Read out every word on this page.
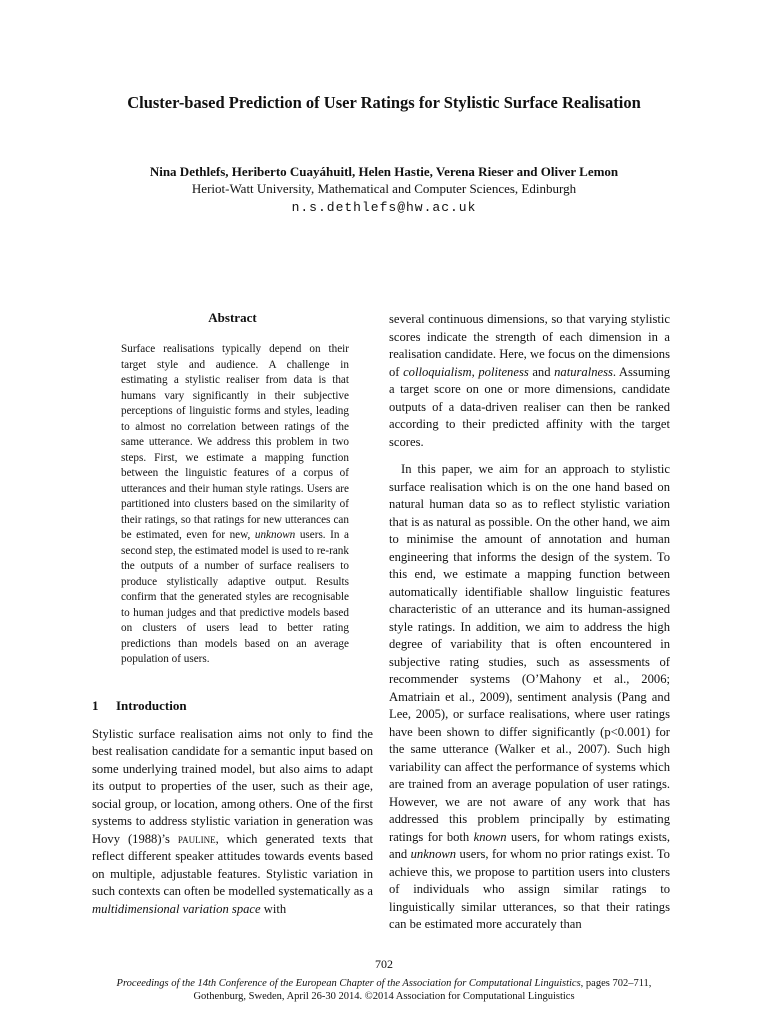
Cluster-based Prediction of User Ratings for Stylistic Surface Realisation
Nina Dethlefs, Heriberto Cuayáhuitl, Helen Hastie, Verena Rieser and Oliver Lemon
Heriot-Watt University, Mathematical and Computer Sciences, Edinburgh
n.s.dethlefs@hw.ac.uk
Abstract

Surface realisations typically depend on their target style and audience. A challenge in estimating a stylistic realiser from data is that humans vary significantly in their subjective perceptions of linguistic forms and styles, leading to almost no correlation between ratings of the same utterance. We address this problem in two steps. First, we estimate a mapping function between the linguistic features of a corpus of utterances and their human style ratings. Users are partitioned into clusters based on the similarity of their ratings, so that ratings for new utterances can be estimated, even for new, unknown users. In a second step, the estimated model is used to re-rank the outputs of a number of surface realisers to produce stylistically adaptive output. Results confirm that the generated styles are recognisable to human judges and that predictive models based on clusters of users lead to better rating predictions than models based on an average population of users.

1 Introduction

Stylistic surface realisation aims not only to find the best realisation candidate for a semantic input based on some underlying trained model, but also aims to adapt its output to properties of the user, such as their age, social group, or location, among others. One of the first systems to address stylistic variation in generation was Hovy (1988)’s pauline, which generated texts that reflect different speaker attitudes towards events based on multiple, adjustable features. Stylistic variation in such contexts can often be modelled systematically as a multidimensional variation space with

several continuous dimensions, so that varying stylistic scores indicate the strength of each dimension in a realisation candidate. Here, we focus on the dimensions of colloquialism, politeness and naturalness. Assuming a target score on one or more dimensions, candidate outputs of a data-driven realiser can then be ranked according to their predicted affinity with the target scores.

In this paper, we aim for an approach to stylistic surface realisation which is on the one hand based on natural human data so as to reflect stylistic variation that is as natural as possible. On the other hand, we aim to minimise the amount of annotation and human engineering that informs the design of the system. To this end, we estimate a mapping function between automatically identifiable shallow linguistic features characteristic of an utterance and its human-assigned style ratings. In addition, we aim to address the high degree of variability that is often encountered in subjective rating studies, such as assessments of recommender systems (O’Mahony et al., 2006; Amatriain et al., 2009), sentiment analysis (Pang and Lee, 2005), or surface realisations, where user ratings have been shown to differ significantly (p<0.001) for the same utterance (Walker et al., 2007). Such high variability can affect the performance of systems which are trained from an average population of user ratings. However, we are not aware of any work that has addressed this problem principally by estimating ratings for both known users, for whom ratings exists, and unknown users, for whom no prior ratings exist. To achieve this, we propose to partition users into clusters of individuals who assign similar ratings to linguistically similar utterances, so that their ratings can be estimated more accurately than

702
Proceedings of the 14th Conference of the European Chapter of the Association for Computational Linguistics, pages 702–711,
Gothenburg, Sweden, April 26-30 2014. ©2014 Association for Computational Linguistics
